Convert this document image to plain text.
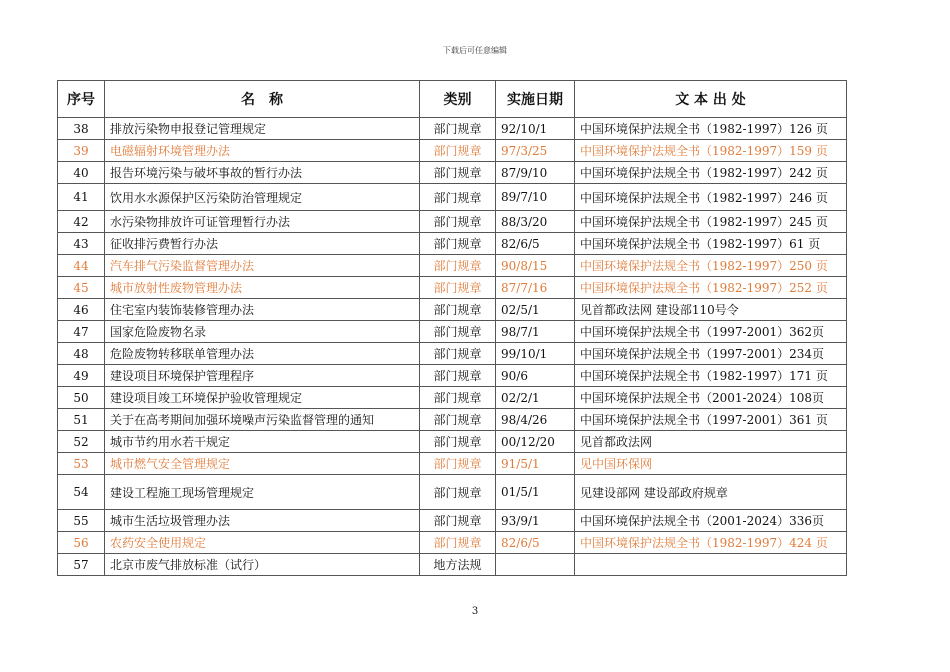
下载后可任意编辑
序号	名　称	类别	实施日期	文 本 出 处
38	排放污染物申报登记管理规定	部门规章	92/10/1	中国环境保护法规全书（1982-1997）126 页
39	电磁辐射环境管理办法	部门规章	97/3/25	中国环境保护法规全书（1982-1997）159 页
40	报告环境污染与破坏事故的暂行办法	部门规章	87/9/10	中国环境保护法规全书（1982-1997）242 页
41	饮用水水源保护区污染防治管理规定	部门规章	89/7/10	中国环境保护法规全书（1982-1997）246 页
42	水污染物排放许可证管理暂行办法	部门规章	88/3/20	中国环境保护法规全书（1982-1997）245 页
43	征收排污费暂行办法	部门规章	82/6/5	中国环境保护法规全书（1982-1997）61 页
44	汽车排气污染监督管理办法	部门规章	90/8/15	中国环境保护法规全书（1982-1997）250 页
45	城市放射性废物管理办法	部门规章	87/7/16	中国环境保护法规全书（1982-1997）252 页
46	住宅室内装饰装修管理办法	部门规章	02/5/1	见首都政法网 建设部110号令
47	国家危险废物名录	部门规章	98/7/1	中国环境保护法规全书（1997-2001）362页
48	危险废物转移联单管理办法	部门规章	99/10/1	中国环境保护法规全书（1997-2001）234页
49	建设项目环境保护管理程序	部门规章	90/6	中国环境保护法规全书（1982-1997）171 页
50	建设项目竣工环境保护验收管理规定	部门规章	02/2/1	中国环境保护法规全书（2001-2024）108页
51	关于在高考期间加强环境噪声污染监督管理的通知	部门规章	98/4/26	中国环境保护法规全书（1997-2001）361 页
52	城市节约用水若干规定	部门规章	00/12/20	见首都政法网
53	城市燃气安全管理规定	部门规章	91/5/1	见中国环保网
54	建设工程施工现场管理规定	部门规章	01/5/1	见建设部网 建设部政府规章
55	城市生活垃圾管理办法	部门规章	93/9/1	中国环境保护法规全书（2001-2024）336页
56	农药安全使用规定	部门规章	82/6/5	中国环境保护法规全书（1982-1997）424 页
57	北京市废气排放标准（试行）	地方法规		
3
